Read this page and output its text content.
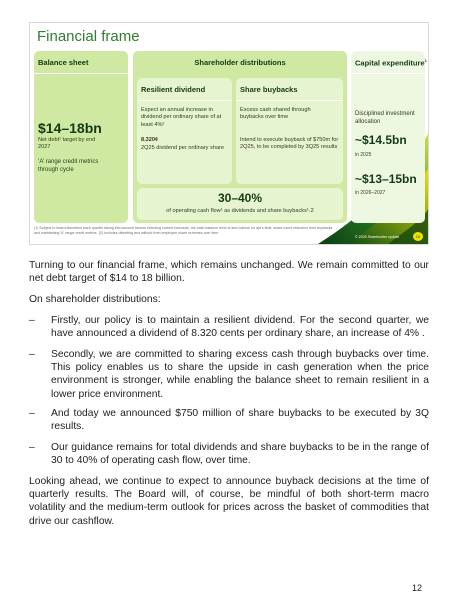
Financial frame
Balance sheet	Shareholder distributions
Resilient dividend	Share buybacks
Capital expenditure$^1$
$14–18bn
Net debt¹ target by end 2027
‘A’ range credit metrics through cycle
Expect an annual increase in dividend per ordinary share of at least 4%²
8.320¢
2Q25 dividend per ordinary share
Excess cash shared through buybacks over time
Intend to execute buyback of $750m for 2Q25, to be completed by 3Q25 results
30–40%
of operating cash flow¹ as dividends and share buybacks¹˒2
Disciplined investment allocation
~$14.5bn
in 2025
~$13–15bn
in 2026–2027
(1) Subject to board discretion each quarter taking into account factors including current forecasts, the cash balance level of and outlook for apt's float, share count reduction from buybacks and maintaining 'A' range credit metrics. (2) Includes offsetting and without from employee share schemes over time.
© 2025 Shareholder update	10
Turning to our financial frame, which remains unchanged. We remain committed to our net debt target of $14 to 18 billion.
On shareholder distributions:
– Firstly, our policy is to maintain a resilient dividend. For the second quarter, we have announced a dividend of 8.320 cents per ordinary share, an increase of 4% .
– Secondly, we are committed to sharing excess cash through buybacks over time. This policy enables us to share the upside in cash generation when the price environment is stronger, while enabling the balance sheet to remain resilient in a lower price environment.
– And today we announced $750 million of share buybacks to be executed by 3Q results.
– Our guidance remains for total dividends and share buybacks to be in the range of 30 to 40% of operating cash flow, over time.
Looking ahead, we continue to expect to announce buyback decisions at the time of quarterly results. The Board will, of course, be mindful of both short-term macro volatility and the medium-term outlook for prices across the basket of commodities that drive our cashflow.
12
